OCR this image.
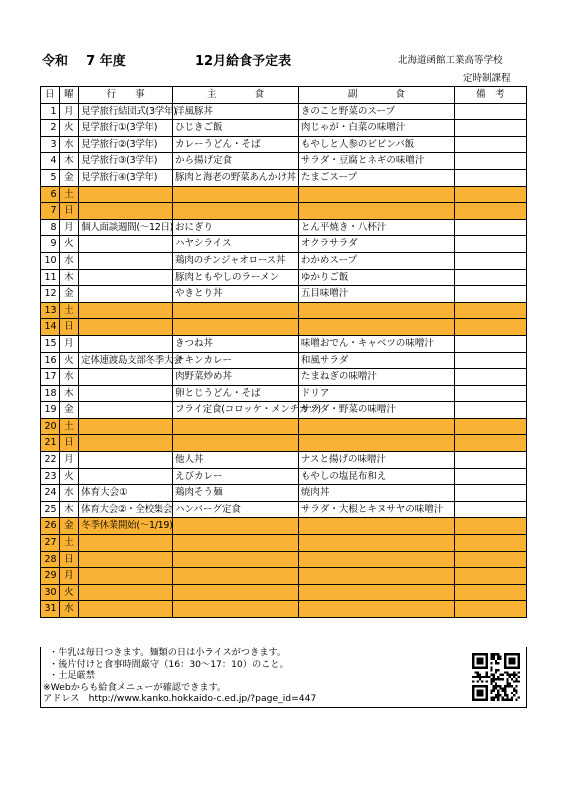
令和 7 年度	12月給食予定表	北海道函館工業高等学校
定時制課程
日	曜	行　　事	主　　　　食	副　　　　食	備　考
1	月	見学旅行結団式(3学年)	洋風豚丼	きのこと野菜のスープ	
2	火	見学旅行①(3学年)	ひじきご飯	肉じゃが・白菜の味噌汁	
3	水	見学旅行②(3学年)	カレーうどん・そば	もやしと人参のビビンバ飯	
4	木	見学旅行③(3学年)	から揚げ定食	サラダ・豆腐とネギの味噌汁	
5	金	見学旅行④(3学年)	豚肉と海老の野菜あんかけ丼	たまごスープ	
6	土				
7	日				
8	月	個人面談週間(～12日)	おにぎり	とん平焼き・八杯汁	
9	火		ハヤシライス	オクラサラダ	
10	水		鶏肉のチンジャオロース丼	わかめスープ	
11	木		豚肉ともやしのラーメン	ゆかりご飯	
12	金		やきとり丼	五目味噌汁	
13	土				
14	日				
15	月		きつね丼	味噌おでん・キャベツの味噌汁	
16	火	定体連渡島支部冬季大会	チキンカレー	和風サラダ	
17	水		肉野菜炒め丼	たまねぎの味噌汁	
18	木		卵とじうどん・そば	ドリア	
19	金		フライ定食(コロッケ・メンチカツ)	サラダ・野菜の味噌汁	
20	土				
21	日				
22	月		他人丼	ナスと揚げの味噌汁	
23	火		えびカレー	もやしの塩昆布和え	
24	水	体育大会①	鶏肉そう麺	焼肉丼	
25	木	体育大会②・全校集会	ハンバーグ定食	サラダ・大根とキヌサヤの味噌汁	
26	金	冬季休業開始(～1/19)			
27	土				
28	日				
29	月				
30	火				
31	水				
・牛乳は毎日つきます。麺類の日は小ライスがつきます。
・後片付けと食事時間厳守（16：30～17：10）のこと。
・土足厳禁
※Webからも給食メニューが確認できます。
アドレス　http://www.kanko.hokkaido-c.ed.jp/?page_id=447
